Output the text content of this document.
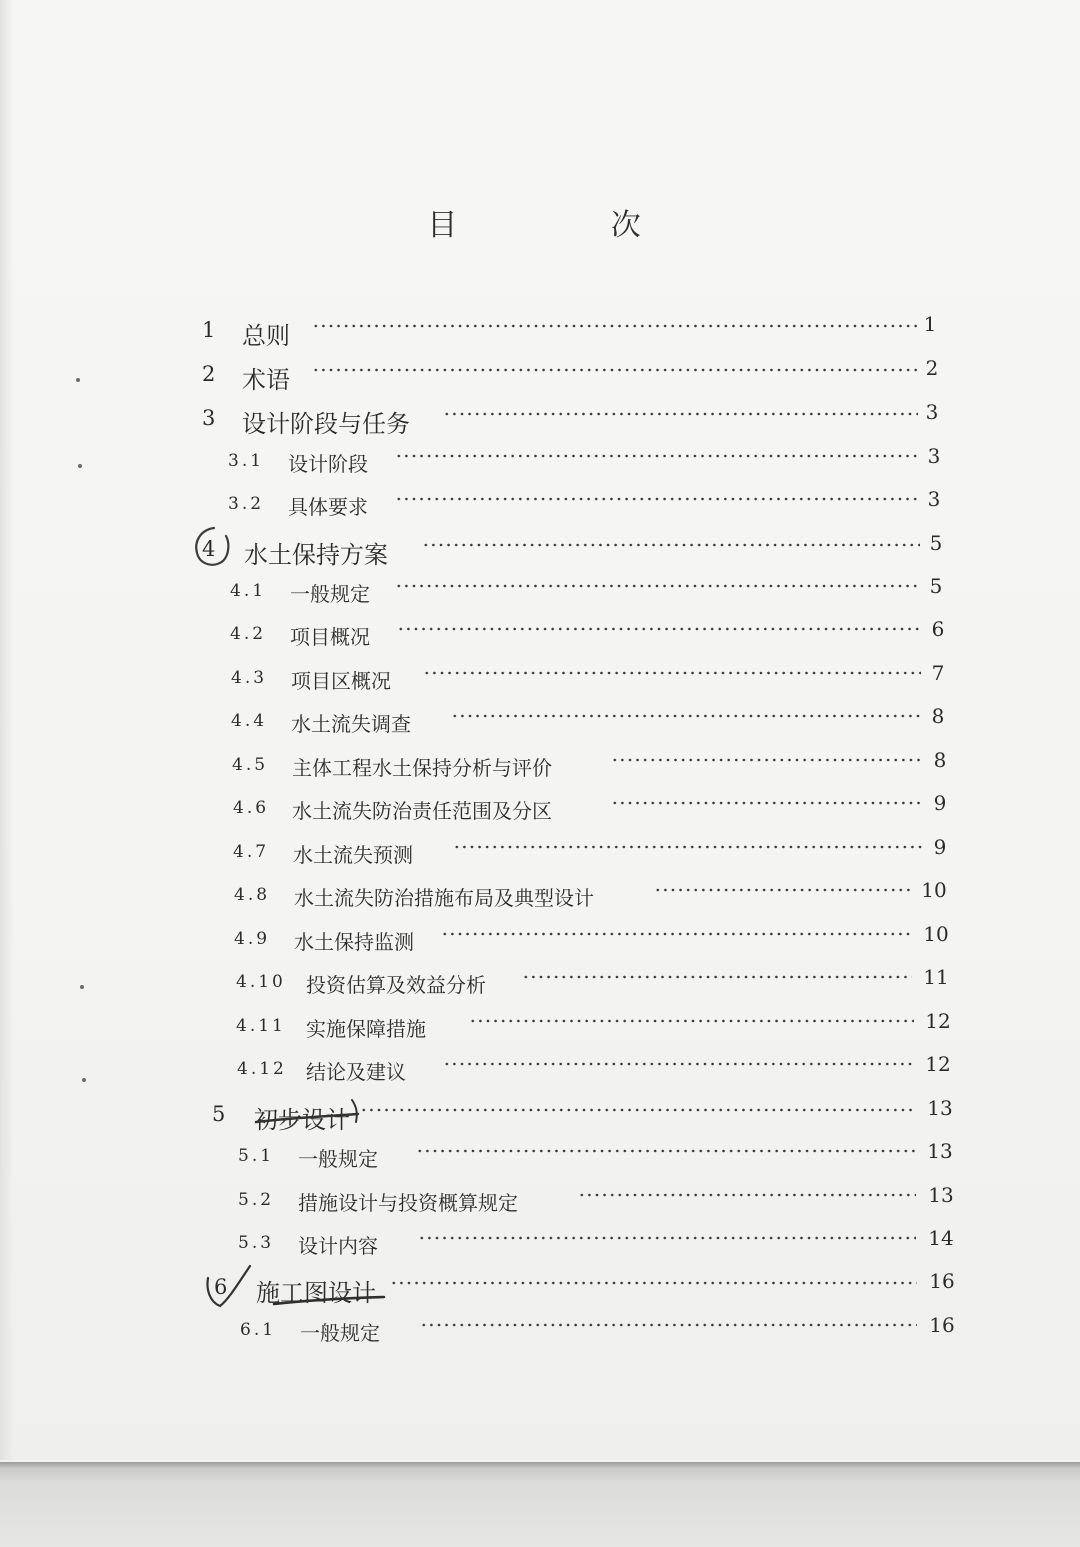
目 次
1 总则	1
2 术语	2
3 设计阶段与任务	3
3.1 设计阶段	3
3.2 具体要求	3
4 水土保持方案	5
4.1 一般规定	5
4.2 项目概况	6
4.3 项目区概况	7
4.4 水土流失调查	8
4.5 主体工程水土保持分析与评价	8
4.6 水土流失防治责任范围及分区	9
4.7 水土流失预测	9
4.8 水土流失防治措施布局及典型设计	10
4.9 水土保持监测	10
4.10 投资估算及效益分析	11
4.11 实施保障措施	12
4.12 结论及建议	12
5 初步设计	13
5.1 一般规定	13
5.2 措施设计与投资概算规定	13
5.3 设计内容	14
6 施工图设计	16
6.1 一般规定	16
